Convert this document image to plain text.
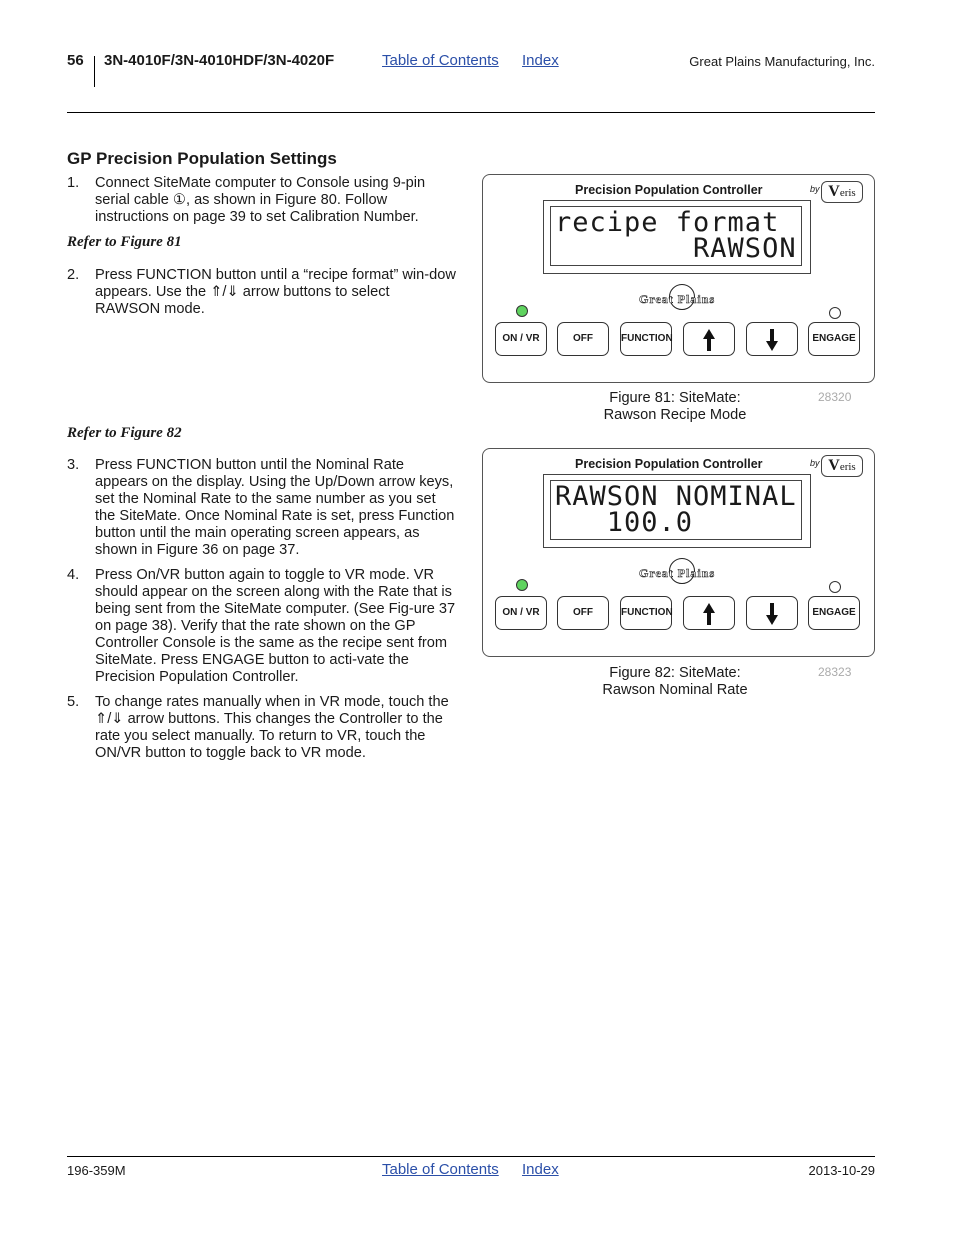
56 3N-4010F/3N-4010HDF/3N-4020F	Table of Contents Index	Great Plains Manufacturing, Inc.
GP Precision Population Settings

1. Connect SiteMate computer to Console using 9-pin serial cable ①, as shown in Figure 80. Follow instructions on page 39 to set Calibration Number.

Refer to Figure 81

2. Press FUNCTION button until a “recipe format” win-dow appears. Use the ⇑/⇓ arrow buttons to select RAWSON mode.

Refer to Figure 82

3. Press FUNCTION button until the Nominal Rate appears on the display. Using the Up/Down arrow keys, set the Nominal Rate to the same number as you set the SiteMate. Once Nominal Rate is set, press Function button until the main operating screen appears, as shown in Figure 36 on page 37.

4. Press On/VR button again to toggle to VR mode. VR should appear on the screen along with the Rate that is being sent from the SiteMate computer. (See Fig-ure 37 on page 38). Verify that the rate shown on the GP Controller Console is the same as the recipe sent from SiteMate. Press ENGAGE button to acti-vate the Precision Population Controller.

5. To change rates manually when in VR mode, touch the ⇑/⇓ arrow buttons. This changes the Controller to the rate you select manually. To return to VR, touch the ON/VR button to toggle back to VR mode.

Precision Population Controller	by Veris
recipe format
RAWSON
Great Plains
ON / VR	OFF	FUNCTION	ENGAGE
Figure 81: SiteMate:
Rawson Recipe Mode
28320
Precision Population Controller	by Veris
RAWSON NOMINAL
100.0
Great Plains
ON / VR	OFF	FUNCTION	ENGAGE
Figure 82: SiteMate:
Rawson Nominal Rate
28323
196-359M	Table of Contents Index	2013-10-29
